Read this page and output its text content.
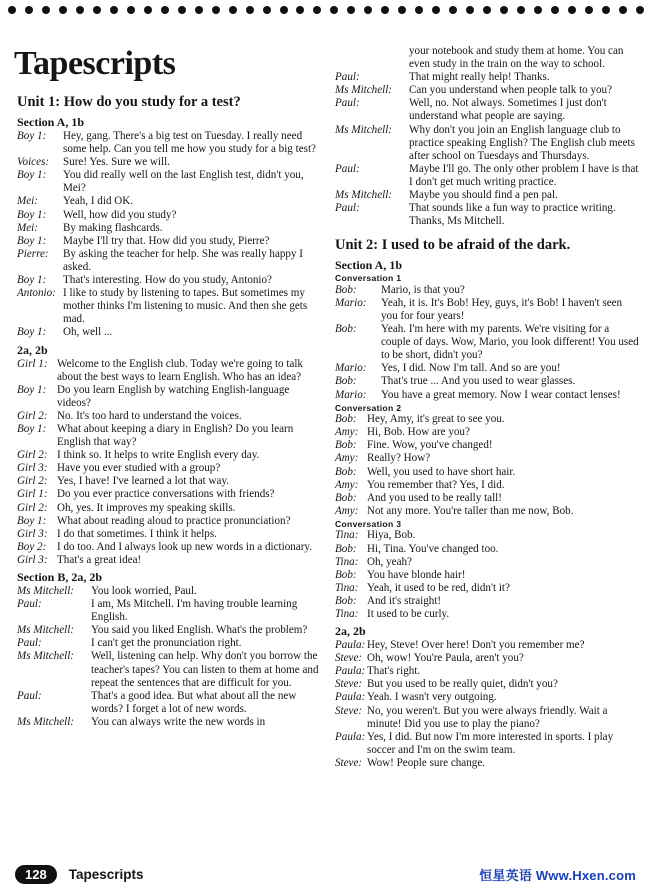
Tapescripts
Unit 1: How do you study for a test?
Section A, 1b
Boy 1:	Hey, gang. There's a big test on Tuesday. I really need some help. Can you tell me how you study for a big test?
Voices:	Sure! Yes. Sure we will.
Boy 1:	You did really well on the last English test, didn't you, Mei?
Mei:	Yeah, I did OK.
Boy 1:	Well, how did you study?
Mei:	By making flashcards.
Boy 1:	Maybe I'll try that. How did you study, Pierre?
Pierre:	By asking the teacher for help. She was really happy I asked.
Boy 1:	That's interesting. How do you study, Antonio?
Antonio: I like to study by listening to tapes. But sometimes my mother thinks I'm listening to music. And then she gets mad.
Boy 1:	Oh, well ...
2a, 2b
Girl 1: Welcome to the English club. Today we're going to talk about the best ways to learn English. Who has an idea?
Boy 1: Do you learn English by watching English-language videos?
Girl 2: No. It's too hard to understand the voices.
Boy 1: What about keeping a diary in English? Do you learn English that way?
Girl 2: I think so. It helps to write English every day.
Girl 3: Have you ever studied with a group?
Girl 2: Yes, I have! I've learned a lot that way.
Girl 1: Do you ever practice conversations with friends?
Girl 2: Oh, yes. It improves my speaking skills.
Boy 1: What about reading aloud to practice pronunciation?
Girl 3: I do that sometimes. I think it helps.
Boy 2: I do too. And I always look up new words in a dictionary.
Girl 3: That's a great idea!
Section B, 2a, 2b
Ms Mitchell:	You look worried, Paul.
Paul:	I am, Ms Mitchell. I'm having trouble learning English.
Ms Mitchell:	You said you liked English. What's the problem?
Paul:	I can't get the pronunciation right.
Ms Mitchell:	Well, listening can help. Why don't you borrow the teacher's tapes? You can listen to them at home and repeat the sentences that are difficult for you.
Paul:	That's a good idea. But what about all the new words? I forget a lot of new words.
Ms Mitchell:	You can always write the new words in
your notebook and study them at home. You can even study in the train on the way to school.
Paul:	That might really help! Thanks.
Ms Mitchell:	Can you understand when people talk to you?
Paul:	Well, no. Not always. Sometimes I just don't understand what people are saying.
Ms Mitchell:	Why don't you join an English language club to practice speaking English? The English club meets after school on Tuesdays and Thursdays.
Paul:	Maybe I'll go. The only other problem I have is that I don't get much writing practice.
Ms Mitchell:	Maybe you should find a pen pal.
Paul:	That sounds like a fun way to practice writing. Thanks, Ms Mitchell.
Unit 2: I used to be afraid of the dark.
Section A, 1b
Conversation 1
Bob:	Mario, is that you?
Mario:	Yeah, it is. It's Bob! Hey, guys, it's Bob! I haven't seen you for four years!
Bob:	Yeah. I'm here with my parents. We're visiting for a couple of days. Wow, Mario, you look different! You used to be short, didn't you?
Mario:	Yes, I did. Now I'm tall. And so are you!
Bob:	That's true ... And you used to wear glasses.
Mario:	You have a great memory. Now I wear contact lenses!
Conversation 2
Bob: Hey, Amy, it's great to see you.
Amy: Hi, Bob. How are you?
Bob: Fine. Wow, you've changed!
Amy: Really? How?
Bob: Well, you used to have short hair.
Amy: You remember that? Yes, I did.
Bob: And you used to be really tall!
Amy: Not any more. You're taller than me now, Bob.
Conversation 3
Tina: Hiya, Bob.
Bob: Hi, Tina. You've changed too.
Tina: Oh, yeah?
Bob: You have blonde hair!
Tina: Yeah, it used to be red, didn't it?
Bob: And it's straight!
Tina: It used to be curly.
2a, 2b
Paula: Hey, Steve! Over here! Don't you remember me?
Steve: Oh, wow! You're Paula, aren't you?
Paula: That's right.
Steve: But you used to be really quiet, didn't you?
Paula: Yeah. I wasn't very outgoing.
Steve: No, you weren't. But you were always friendly. Wait a minute! Did you use to play the piano?
Paula: Yes, I did. But now I'm more interested in sports. I play soccer and I'm on the swim team.
Steve: Wow! People sure change.
128	Tapescripts	恒星英语 Www.Hxen.com
